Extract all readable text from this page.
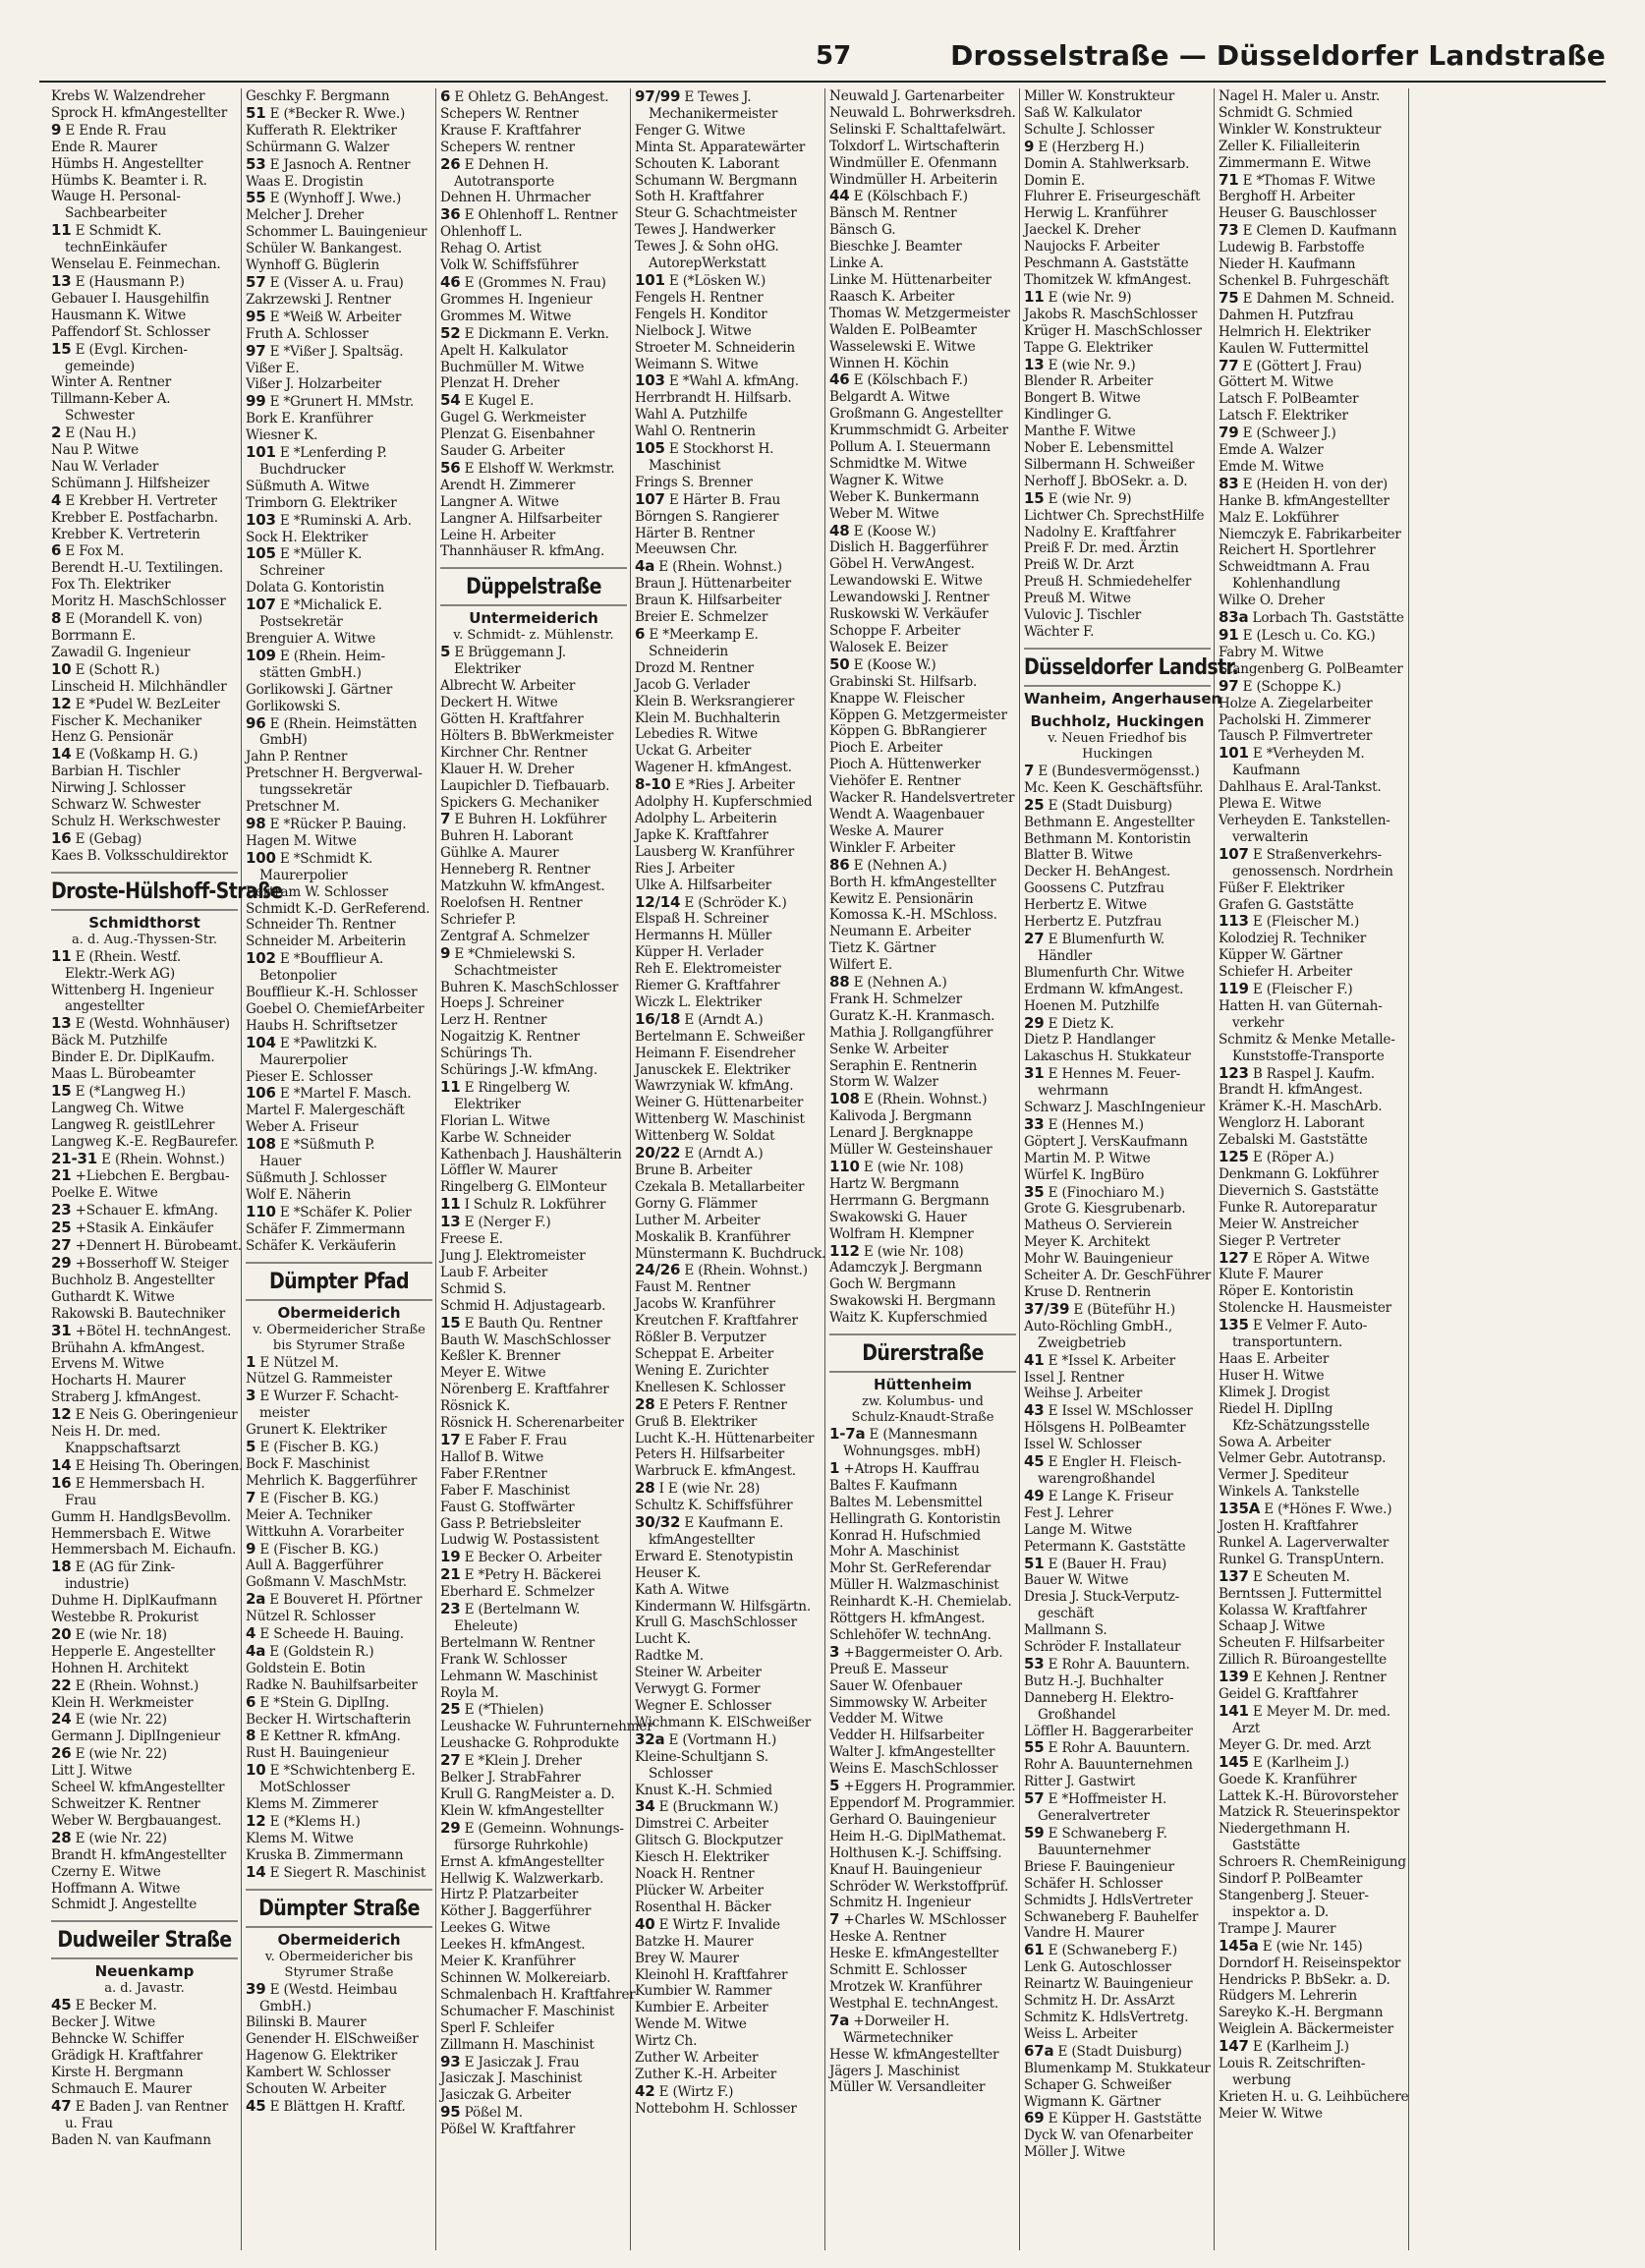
57	Drosselstraße — Düsseldorfer Landstraße
Krebs W. Walzendreher
Sprock H. kfmAngestellter
9 E Ende R. Frau
Ende R. Maurer
Hümbs H. Angestellter
Hümbs K. Beamter i. R.
Wauge H. Personal-
Sachbearbeiter
11 E Schmidt K.
technEinkäufer
Wenselau E. Feinmechan.
13 E (Hausmann P.)
Gebauer I. Hausgehilfin
Hausmann K. Witwe
Paffendorf St. Schlosser
15 E (Evgl. Kirchen-
gemeinde)
Winter A. Rentner
Tillmann-Keber A.
Schwester
2 E (Nau H.)
Nau P. Witwe
Nau W. Verlader
Schümann J. Hilfsheizer
4 E Krebber H. Vertreter
Krebber E. Postfacharbn.
Krebber K. Vertreterin
6 E Fox M.
Berendt H.-U. Textilingen.
Fox Th. Elektriker
Moritz H. MaschSchlosser
8 E (Morandell K. von)
Borrmann E.
Zawadil G. Ingenieur
10 E (Schott R.)
Linscheid H. Milchhändler
12 E *Pudel W. BezLeiter
Fischer K. Mechaniker
Henz G. Pensionär
14 E (Voßkamp H. G.)
Barbian H. Tischler
Nirwing J. Schlosser
Schwarz W. Schwester
Schulz H. Werkschwester
16 E (Gebag)
Kaes B. Volksschuldirektor
Droste-Hülshoff-Straße
Schmidthorst
a. d. Aug.-Thyssen-Str.
11 E (Rhein. Westf.
Elektr.-Werk AG)
Wittenberg H. Ingenieur
angestellter
13 E (Westd. Wohnhäuser)
Bäck M. Putzhilfe
Binder E. Dr. DiplKaufm.
Maas L. Bürobeamter
15 E (*Langweg H.)
Langweg Ch. Witwe
Langweg R. geistlLehrer
Langweg K.-E. RegBaurefer.
21-31 E (Rhein. Wohnst.)
21 +Liebchen E. Bergbau-
Poelke E. Witwe
23 +Schauer E. kfmAng.
25 +Stasik A. Einkäufer
27 +Dennert H. Bürobeamt.
29 +Bosserhoff W. Steiger
Buchholz B. Angestellter
Guthardt K. Witwe
Rakowski B. Bautechniker
31 +Bötel H. technAngest.
Brühahn A. kfmAngest.
Ervens M. Witwe
Hocharts H. Maurer
Straberg J. kfmAngest.
12 E Neis G. Oberingenieur
Neis H. Dr. med.
Knappschaftsarzt
14 E Heising Th. Oberingen.
16 E Hemmersbach H.
Frau
Gumm H. HandlgsBevollm.
Hemmersbach E. Witwe
Hemmersbach M. Eichaufn.
18 E (AG für Zink-
industrie)
Duhme H. DiplKaufmann
Westebbe R. Prokurist
20 E (wie Nr. 18)
Hepperle E. Angestellter
Hohnen H. Architekt
22 E (Rhein. Wohnst.)
Klein H. Werkmeister
24 E (wie Nr. 22)
Germann J. DiplIngenieur
26 E (wie Nr. 22)
Litt J. Witwe
Scheel W. kfmAngestellter
Schweitzer K. Rentner
Weber W. Bergbauangest.
28 E (wie Nr. 22)
Brandt H. kfmAngestellter
Czerny E. Witwe
Hoffmann A. Witwe
Schmidt J. Angestellte
Dudweiler Straße
Neuenkamp
a. d. Javastr.
45 E Becker M.
Becker J. Witwe
Behncke W. Schiffer
Grädigk H. Kraftfahrer
Kirste H. Bergmann
Schmauch E. Maurer
47 E Baden J. van Rentner
u. Frau
Baden N. van Kaufmann
Geschky F. Bergmann
51 E (*Becker R. Wwe.)
Kufferath R. Elektriker
Schürmann G. Walzer
53 E Jasnoch A. Rentner
Waas E. Drogistin
55 E (Wynhoff J. Wwe.)
Melcher J. Dreher
Schommer L. Bauingenieur
Schüler W. Bankangest.
Wynhoff G. Büglerin
57 E (Visser A. u. Frau)
Zakrzewski J. Rentner
95 E *Weiß W. Arbeiter
Fruth A. Schlosser
97 E *Vißer J. Spaltsäg.
Vißer E.
Vißer J. Holzarbeiter
99 E *Grunert H. MMstr.
Bork E. Kranführer
Wiesner K.
101 E *Lenferding P.
Buchdrucker
Süßmuth A. Witwe
Trimborn G. Elektriker
103 E *Ruminski A. Arb.
Sock H. Elektriker
105 E *Müller K.
Schreiner
Dolata G. Kontoristin
107 E *Michalick E.
Postsekretär
Brenguier A. Witwe
109 E (Rhein. Heim-
stätten GmbH.)
Gorlikowski J. Gärtner
Gorlikowski S.
96 E (Rhein. Heimstätten
GmbH)
Jahn P. Rentner
Pretschner H. Bergverwal-
tungssekretär
Pretschner M.
98 E *Rücker P. Bauing.
Hagen M. Witwe
100 E *Schmidt K.
Maurerpolier
Bertram W. Schlosser
Schmidt K.-D. GerReferend.
Schneider Th. Rentner
Schneider M. Arbeiterin
102 E *Boufflieur A.
Betonpolier
Boufflieur K.-H. Schlosser
Goebel O. ChemiefArbeiter
Haubs H. Schriftsetzer
104 E *Pawlitzki K.
Maurerpolier
Pieser E. Schlosser
106 E *Martel F. Masch.
Martel F. Malergeschäft
Weber A. Friseur
108 E *Süßmuth P.
Hauer
Süßmuth J. Schlosser
Wolf E. Näherin
110 E *Schäfer K. Polier
Schäfer F. Zimmermann
Schäfer K. Verkäuferin
Dümpter Pfad
Obermeiderich
v. Obermeidericher Straße
bis Styrumer Straße
1 E Nützel M.
Nützel G. Rammeister
3 E Wurzer F. Schacht-
meister
Grunert K. Elektriker
5 E (Fischer B. KG.)
Bock F. Maschinist
Mehrlich K. Baggerführer
7 E (Fischer B. KG.)
Meier A. Techniker
Wittkuhn A. Vorarbeiter
9 E (Fischer B. KG.)
Aull A. Baggerführer
Goßmann V. MaschMstr.
2a E Bouveret H. Pförtner
Nützel R. Schlosser
4 E Scheede H. Bauing.
4a E (Goldstein R.)
Goldstein E. Botin
Radke N. Bauhilfsarbeiter
6 E *Stein G. DiplIng.
Becker H. Wirtschafterin
8 E Kettner R. kfmAng.
Rust H. Bauingenieur
10 E *Schwichtenberg E.
MotSchlosser
Klems M. Zimmerer
12 E (*Klems H.)
Klems M. Witwe
Kruska B. Zimmermann
14 E Siegert R. Maschinist
Dümpter Straße
Obermeiderich
v. Obermeidericher bis
Styrumer Straße
39 E (Westd. Heimbau
GmbH.)
Bilinski B. Maurer
Genender H. ElSchweißer
Hagenow G. Elektriker
Kambert W. Schlosser
Schouten W. Arbeiter
45 E Blättgen H. Kraftf.
6 E Ohletz G. BehAngest.
Schepers W. Rentner
Krause F. Kraftfahrer
Schepers W. rentner
26 E Dehnen H.
Autotransporte
Dehnen H. Uhrmacher
36 E Ohlenhoff L. Rentner
Ohlenhoff L.
Rehag O. Artist
Volk W. Schiffsführer
46 E (Grommes N. Frau)
Grommes H. Ingenieur
Grommes M. Witwe
52 E Dickmann E. Verkn.
Apelt H. Kalkulator
Buchmüller M. Witwe
Plenzat H. Dreher
54 E Kugel E.
Gugel G. Werkmeister
Plenzat G. Eisenbahner
Sauder G. Arbeiter
56 E Elshoff W. Werkmstr.
Arendt H. Zimmerer
Langner A. Witwe
Langner A. Hilfsarbeiter
Leine H. Arbeiter
Thannhäuser R. kfmAng.
Düppelstraße
Untermeiderich
v. Schmidt- z. Mühlenstr.
5 E Brüggemann J.
Elektriker
Albrecht W. Arbeiter
Deckert H. Witwe
Götten H. Kraftfahrer
Hölters B. BbWerkmeister
Kirchner Chr. Rentner
Klauer H. W. Dreher
Laupichler D. Tiefbauarb.
Spickers G. Mechaniker
7 E Buhren H. Lokführer
Buhren H. Laborant
Gühlke A. Maurer
Henneberg R. Rentner
Matzkuhn W. kfmAngest.
Roelofsen H. Rentner
Schriefer P.
Zentgraf A. Schmelzer
9 E *Chmielewski S.
Schachtmeister
Buhren K. MaschSchlosser
Hoeps J. Schreiner
Lerz H. Rentner
Nogaitzig K. Rentner
Schürings Th.
Schürings J.-W. kfmAng.
11 E Ringelberg W.
Elektriker
Florian L. Witwe
Karbe W. Schneider
Kathenbach J. Haushälterin
Löffler W. Maurer
Ringelberg G. ElMonteur
11 I Schulz R. Lokführer
13 E (Nerger F.)
Freese E.
Jung J. Elektromeister
Laub F. Arbeiter
Schmid S.
Schmid H. Adjustagearb.
15 E Bauth Qu. Rentner
Bauth W. MaschSchlosser
Keßler K. Brenner
Meyer E. Witwe
Nörenberg E. Kraftfahrer
Rösnick K.
Rösnick H. Scherenarbeiter
17 E Faber F. Frau
Hallof B. Witwe
Faber F.Rentner
Faber F. Maschinist
Faust G. Stoffwärter
Gass P. Betriebsleiter
Ludwig W. Postassistent
19 E Becker O. Arbeiter
21 E *Petry H. Bäckerei
Eberhard E. Schmelzer
23 E (Bertelmann W.
Eheleute)
Bertelmann W. Rentner
Frank W. Schlosser
Lehmann W. Maschinist
Royla M.
25 E (*Thielen)
Leushacke W. Fuhrunternehmer
Leushacke G. Rohprodukte
27 E *Klein J. Dreher
Belker J. StrabFahrer
Krull G. RangMeister a. D.
Klein W. kfmAngestellter
29 E (Gemeinn. Wohnungs-
fürsorge Ruhrkohle)
Ernst A. kfmAngestellter
Hellwig K. Walzwerkarb.
Hirtz P. Platzarbeiter
Köther J. Baggerführer
Leekes G. Witwe
Leekes H. kfmAngest.
Meier K. Kranführer
Schinnen W. Molkereiarb.
Schmalenbach H. Kraftfahrer
Schumacher F. Maschinist
Sperl F. Schleifer
Zillmann H. Maschinist
93 E Jasiczak J. Frau
Jasiczak J. Maschinist
Jasiczak G. Arbeiter
95 Pößel M.
Pößel W. Kraftfahrer
97/99 E Tewes J.
Mechanikermeister
Fenger G. Witwe
Minta St. Apparatewärter
Schouten K. Laborant
Schumann W. Bergmann
Soth H. Kraftfahrer
Steur G. Schachtmeister
Tewes J. Handwerker
Tewes J. & Sohn oHG.
AutorepWerkstatt
101 E (*Lösken W.)
Fengels H. Rentner
Fengels H. Konditor
Nielbock J. Witwe
Stroeter M. Schneiderin
Weimann S. Witwe
103 E *Wahl A. kfmAng.
Herrbrandt H. Hilfsarb.
Wahl A. Putzhilfe
Wahl O. Rentnerin
105 E Stockhorst H.
Maschinist
Frings S. Brenner
107 E Härter B. Frau
Börngen S. Rangierer
Härter B. Rentner
Meeuwsen Chr.
4a E (Rhein. Wohnst.)
Braun J. Hüttenarbeiter
Braun K. Hilfsarbeiter
Breier E. Schmelzer
6 E *Meerkamp E.
Schneiderin
Drozd M. Rentner
Jacob G. Verlader
Klein B. Werksrangierer
Klein M. Buchhalterin
Lebedies R. Witwe
Uckat G. Arbeiter
Wagener H. kfmAngest.
8-10 E *Ries J. Arbeiter
Adolphy H. Kupferschmied
Adolphy L. Arbeiterin
Japke K. Kraftfahrer
Lausberg W. Kranführer
Ries J. Arbeiter
Ulke A. Hilfsarbeiter
12/14 E (Schröder K.)
Elspaß H. Schreiner
Hermanns H. Müller
Küpper H. Verlader
Reh E. Elektromeister
Riemer G. Kraftfahrer
Wiczk L. Elektriker
16/18 E (Arndt A.)
Bertelmann E. Schweißer
Heimann F. Eisendreher
Janusckek E. Elektriker
Wawrzyniak W. kfmAng.
Weiner G. Hüttenarbeiter
Wittenberg W. Maschinist
Wittenberg W. Soldat
20/22 E (Arndt A.)
Brune B. Arbeiter
Czekala B. Metallarbeiter
Gorny G. Flämmer
Luther M. Arbeiter
Moskalik B. Kranführer
Münstermann K. Buchdruck.
24/26 E (Rhein. Wohnst.)
Faust M. Rentner
Jacobs W. Kranführer
Kreutchen F. Kraftfahrer
Rößler B. Verputzer
Scheppat E. Arbeiter
Wening E. Zurichter
Knellesen K. Schlosser
28 E Peters F. Rentner
Gruß B. Elektriker
Lucht K.-H. Hüttenarbeiter
Peters H. Hilfsarbeiter
Warbruck E. kfmAngest.
28 I E (wie Nr. 28)
Schultz K. Schiffsführer
30/32 E Kaufmann E.
kfmAngestellter
Erward E. Stenotypistin
Heuser K.
Kath A. Witwe
Kindermann W. Hilfsgärtn.
Krull G. MaschSchlosser
Lucht K.
Radtke M.
Steiner W. Arbeiter
Verwygt G. Former
Wegner E. Schlosser
Wichmann K. ElSchweißer
32a E (Vortmann H.)
Kleine-Schultjann S.
Schlosser
Knust K.-H. Schmied
34 E (Bruckmann W.)
Dimstrei C. Arbeiter
Glitsch G. Blockputzer
Kiesch H. Elektriker
Noack H. Rentner
Plücker W. Arbeiter
Rosenthal H. Bäcker
40 E Wirtz F. Invalide
Batzke H. Maurer
Brey W. Maurer
Kleinohl H. Kraftfahrer
Kumbier W. Rammer
Kumbier E. Arbeiter
Wende M. Witwe
Wirtz Ch.
Zuther W. Arbeiter
Zuther K.-H. Arbeiter
42 E (Wirtz F.)
Nottebohm H. Schlosser
Neuwald J. Gartenarbeiter
Neuwald L. Bohrwerksdreh.
Selinski F. Schalttafelwärt.
Tolxdorf L. Wirtschafterin
Windmüller E. Ofenmann
Windmüller H. Arbeiterin
44 E (Kölschbach F.)
Bänsch M. Rentner
Bänsch G.
Bieschke J. Beamter
Linke A.
Linke M. Hüttenarbeiter
Raasch K. Arbeiter
Thomas W. Metzgermeister
Walden E. PolBeamter
Wasselewski E. Witwe
Winnen H. Köchin
46 E (Kölschbach F.)
Belgardt A. Witwe
Großmann G. Angestellter
Krummschmidt G. Arbeiter
Pollum A. I. Steuermann
Schmidtke M. Witwe
Wagner K. Witwe
Weber K. Bunkermann
Weber M. Witwe
48 E (Koose W.)
Dislich H. Baggerführer
Göbel H. VerwAngest.
Lewandowski E. Witwe
Lewandowski J. Rentner
Ruskowski W. Verkäufer
Schoppe F. Arbeiter
Walosek E. Beizer
50 E (Koose W.)
Grabinski St. Hilfsarb.
Knappe W. Fleischer
Köppen G. Metzgermeister
Köppen G. BbRangierer
Pioch E. Arbeiter
Pioch A. Hüttenwerker
Viehöfer E. Rentner
Wacker R. Handelsvertreter
Wendt A. Waagenbauer
Weske A. Maurer
Winkler F. Arbeiter
86 E (Nehnen A.)
Borth H. kfmAngestellter
Kewitz E. Pensionärin
Komossa K.-H. MSchloss.
Neumann E. Arbeiter
Tietz K. Gärtner
Wilfert E.
88 E (Nehnen A.)
Frank H. Schmelzer
Guratz K.-H. Kranmasch.
Mathia J. Rollgangführer
Senke W. Arbeiter
Seraphin E. Rentnerin
Storm W. Walzer
108 E (Rhein. Wohnst.)
Kalivoda J. Bergmann
Lenard J. Bergknappe
Müller W. Gesteinshauer
110 E (wie Nr. 108)
Hartz W. Bergmann
Herrmann G. Bergmann
Swakowski G. Hauer
Wolfram H. Klempner
112 E (wie Nr. 108)
Adamczyk J. Bergmann
Goch W. Bergmann
Swakowski H. Bergmann
Waitz K. Kupferschmied
Dürerstraße
Hüttenheim
zw. Kolumbus- und
Schulz-Knaudt-Straße
1-7a E (Mannesmann
Wohnungsges. mbH)
1 +Atrops H. Kauffrau
Baltes F. Kaufmann
Baltes M. Lebensmittel
Hellingrath G. Kontoristin
Konrad H. Hufschmied
Mohr A. Maschinist
Mohr St. GerReferendar
Müller H. Walzmaschinist
Reinhardt K.-H. Chemielab.
Röttgers H. kfmAngest.
Schlehöfer W. technAng.
3 +Baggermeister O. Arb.
Preuß E. Masseur
Sauer W. Ofenbauer
Simmowsky W. Arbeiter
Vedder M. Witwe
Vedder H. Hilfsarbeiter
Walter J. kfmAngestellter
Weins E. MaschSchlosser
5 +Eggers H. Programmier.
Eppendorf M. Programmier.
Gerhard O. Bauingenieur
Heim H.-G. DiplMathemat.
Holthusen K.-J. Schiffsing.
Knauf H. Bauingenieur
Schröder W. Werkstoffprüf.
Schmitz H. Ingenieur
7 +Charles W. MSchlosser
Heske A. Rentner
Heske E. kfmAngestellter
Schmitt E. Schlosser
Mrotzek W. Kranführer
Westphal E. technAngest.
7a +Dorweiler H.
Wärmetechniker
Hesse W. kfmAngestellter
Jägers J. Maschinist
Müller W. Versandleiter
Miller W. Konstrukteur
Saß W. Kalkulator
Schulte J. Schlosser
9 E (Herzberg H.)
Domin A. Stahlwerksarb.
Domin E.
Fluhrer E. Friseurgeschäft
Herwig L. Kranführer
Jaeckel K. Dreher
Naujocks F. Arbeiter
Peschmann A. Gaststätte
Thomitzek W. kfmAngest.
11 E (wie Nr. 9)
Jakobs R. MaschSchlosser
Krüger H. MaschSchlosser
Tappe G. Elektriker
13 E (wie Nr. 9.)
Blender R. Arbeiter
Bongert B. Witwe
Kindlinger G.
Manthe F. Witwe
Nober E. Lebensmittel
Silbermann H. Schweißer
Nerhoff J. BbOSekr. a. D.
15 E (wie Nr. 9)
Lichtwer Ch. SprechstHilfe
Nadolny E. Kraftfahrer
Preiß F. Dr. med. Ärztin
Preiß W. Dr. Arzt
Preuß H. Schmiedehelfer
Preuß M. Witwe
Vulovic J. Tischler
Wächter F.
Düsseldorfer Landstr.
Wanheim, Angerhausen
Buchholz, Huckingen
v. Neuen Friedhof bis
Huckingen
7 E (Bundesvermögensst.)
Mc. Keen K. Geschäftsführ.
25 E (Stadt Duisburg)
Bethmann E. Angestellter
Bethmann M. Kontoristin
Blatter B. Witwe
Decker H. BehAngest.
Goossens C. Putzfrau
Herbertz E. Witwe
Herbertz E. Putzfrau
27 E Blumenfurth W.
Händler
Blumenfurth Chr. Witwe
Erdmann W. kfmAngest.
Hoenen M. Putzhilfe
29 E Dietz K.
Dietz P. Handlanger
Lakaschus H. Stukkateur
31 E Hennes M. Feuer-
wehrmann
Schwarz J. MaschIngenieur
33 E (Hennes M.)
Göptert J. VersKaufmann
Martin M. P. Witwe
Würfel K. IngBüro
35 E (Finochiaro M.)
Grote G. Kiesgrubenarb.
Matheus O. Servierein
Meyer K. Architekt
Mohr W. Bauingenieur
Scheiter A. Dr. GeschFührer
Kruse D. Rentnerin
37/39 E (Büteführ H.)
Auto-Röchling GmbH.,
Zweigbetrieb
41 E *Issel K. Arbeiter
Issel J. Rentner
Weihse J. Arbeiter
43 E Issel W. MSchlosser
Hölsgens H. PolBeamter
Issel W. Schlosser
45 E Engler H. Fleisch-
warengroßhandel
49 E Lange K. Friseur
Fest J. Lehrer
Lange M. Witwe
Petermann K. Gaststätte
51 E (Bauer H. Frau)
Bauer W. Witwe
Dresia J. Stuck-Verputz-
geschäft
Mallmann S.
Schröder F. Installateur
53 E Rohr A. Bauuntern.
Butz H.-J. Buchhalter
Danneberg H. Elektro-
Großhandel
Löffler H. Baggerarbeiter
55 E Rohr A. Bauuntern.
Rohr A. Bauunternehmen
Ritter J. Gastwirt
57 E *Hoffmeister H.
Generalvertreter
59 E Schwaneberg F.
Bauunternehmer
Briese F. Bauingenieur
Schäfer H. Schlosser
Schmidts J. HdlsVertreter
Schwaneberg F. Bauhelfer
Vandre H. Maurer
61 E (Schwaneberg F.)
Lenk G. Autoschlosser
Reinartz W. Bauingenieur
Schmitz H. Dr. AssArzt
Schmitz K. HdlsVertretg.
Weiss L. Arbeiter
67a E (Stadt Duisburg)
Blumenkamp M. Stukkateur
Schaper G. Schweißer
Wigmann K. Gärtner
69 E Küpper H. Gaststätte
Dyck W. van Ofenarbeiter
Möller J. Witwe
Nagel H. Maler u. Anstr.
Schmidt G. Schmied
Winkler W. Konstrukteur
Zeller K. Filialleiterin
Zimmermann E. Witwe
71 E *Thomas F. Witwe
Berghoff H. Arbeiter
Heuser G. Bauschlosser
73 E Clemen D. Kaufmann
Ludewig B. Farbstoffe
Nieder H. Kaufmann
Schenkel B. Fuhrgeschäft
75 E Dahmen M. Schneid.
Dahmen H. Putzfrau
Helmrich H. Elektriker
Kaulen W. Futtermittel
77 E (Göttert J. Frau)
Göttert M. Witwe
Latsch F. PolBeamter
Latsch F. Elektriker
79 E (Schweer J.)
Emde A. Walzer
Emde M. Witwe
83 E (Heiden H. von der)
Hanke B. kfmAngestellter
Malz E. Lokführer
Niemczyk E. Fabrikarbeiter
Reichert H. Sportlehrer
Schweidtmann A. Frau
Kohlenhandlung
Wilke O. Dreher
83a Lorbach Th. Gaststätte
91 E (Lesch u. Co. KG.)
Fabry M. Witwe
Stangenberg G. PolBeamter
97 E (Schoppe K.)
Holze A. Ziegelarbeiter
Pacholski H. Zimmerer
Tausch P. Filmvertreter
101 E *Verheyden M.
Kaufmann
Dahlhaus E. Aral-Tankst.
Plewa E. Witwe
Verheyden E. Tankstellen-
verwalterin
107 E Straßenverkehrs-
genossensch. Nordrhein
Füßer F. Elektriker
Grafen G. Gaststätte
113 E (Fleischer M.)
Kolodziej R. Techniker
Küpper W. Gärtner
Schiefer H. Arbeiter
119 E (Fleischer F.)
Hatten H. van Güternah-
verkehr
Schmitz & Menke Metalle-
Kunststoffe-Transporte
123 B Raspel J. Kaufm.
Brandt H. kfmAngest.
Krämer K.-H. MaschArb.
Wenglorz H. Laborant
Zebalski M. Gaststätte
125 E (Röper A.)
Denkmann G. Lokführer
Dievernich S. Gaststätte
Funke R. Autoreparatur
Meier W. Anstreicher
Sieger P. Vertreter
127 E Röper A. Witwe
Klute F. Maurer
Röper E. Kontoristin
Stolencke H. Hausmeister
135 E Velmer F. Auto-
transportuntern.
Haas E. Arbeiter
Huser H. Witwe
Klimek J. Drogist
Riedel H. DiplIng
Kfz-Schätzungsstelle
Sowa A. Arbeiter
Velmer Gebr. Autotransp.
Vermer J. Spediteur
Winkels A. Tankstelle
135A E (*Hönes F. Wwe.)
Josten H. Kraftfahrer
Runkel A. Lagerverwalter
Runkel G. TranspUntern.
137 E Scheuten M.
Berntssen J. Futtermittel
Kolassa W. Kraftfahrer
Schaap J. Witwe
Scheuten F. Hilfsarbeiter
Zillich R. Büroangestellte
139 E Kehnen J. Rentner
Geidel G. Kraftfahrer
141 E Meyer M. Dr. med.
Arzt
Meyer G. Dr. med. Arzt
145 E (Karlheim J.)
Goede K. Kranführer
Lattek K.-H. Bürovorsteher
Matzick R. Steuerinspektor
Niedergethmann H.
Gaststätte
Schroers R. ChemReinigung
Sindorf P. PolBeamter
Stangenberg J. Steuer-
inspektor a. D.
Trampe J. Maurer
145a E (wie Nr. 145)
Dorndorf H. Reiseinspektor
Hendricks P. BbSekr. a. D.
Rüdgers M. Lehrerin
Sareyko K.-H. Bergmann
Weiglein A. Bäckermeister
147 E (Karlheim J.)
Louis R. Zeitschriften-
werbung
Krieten H. u. G. Leihbüchere
Meier W. Witwe
